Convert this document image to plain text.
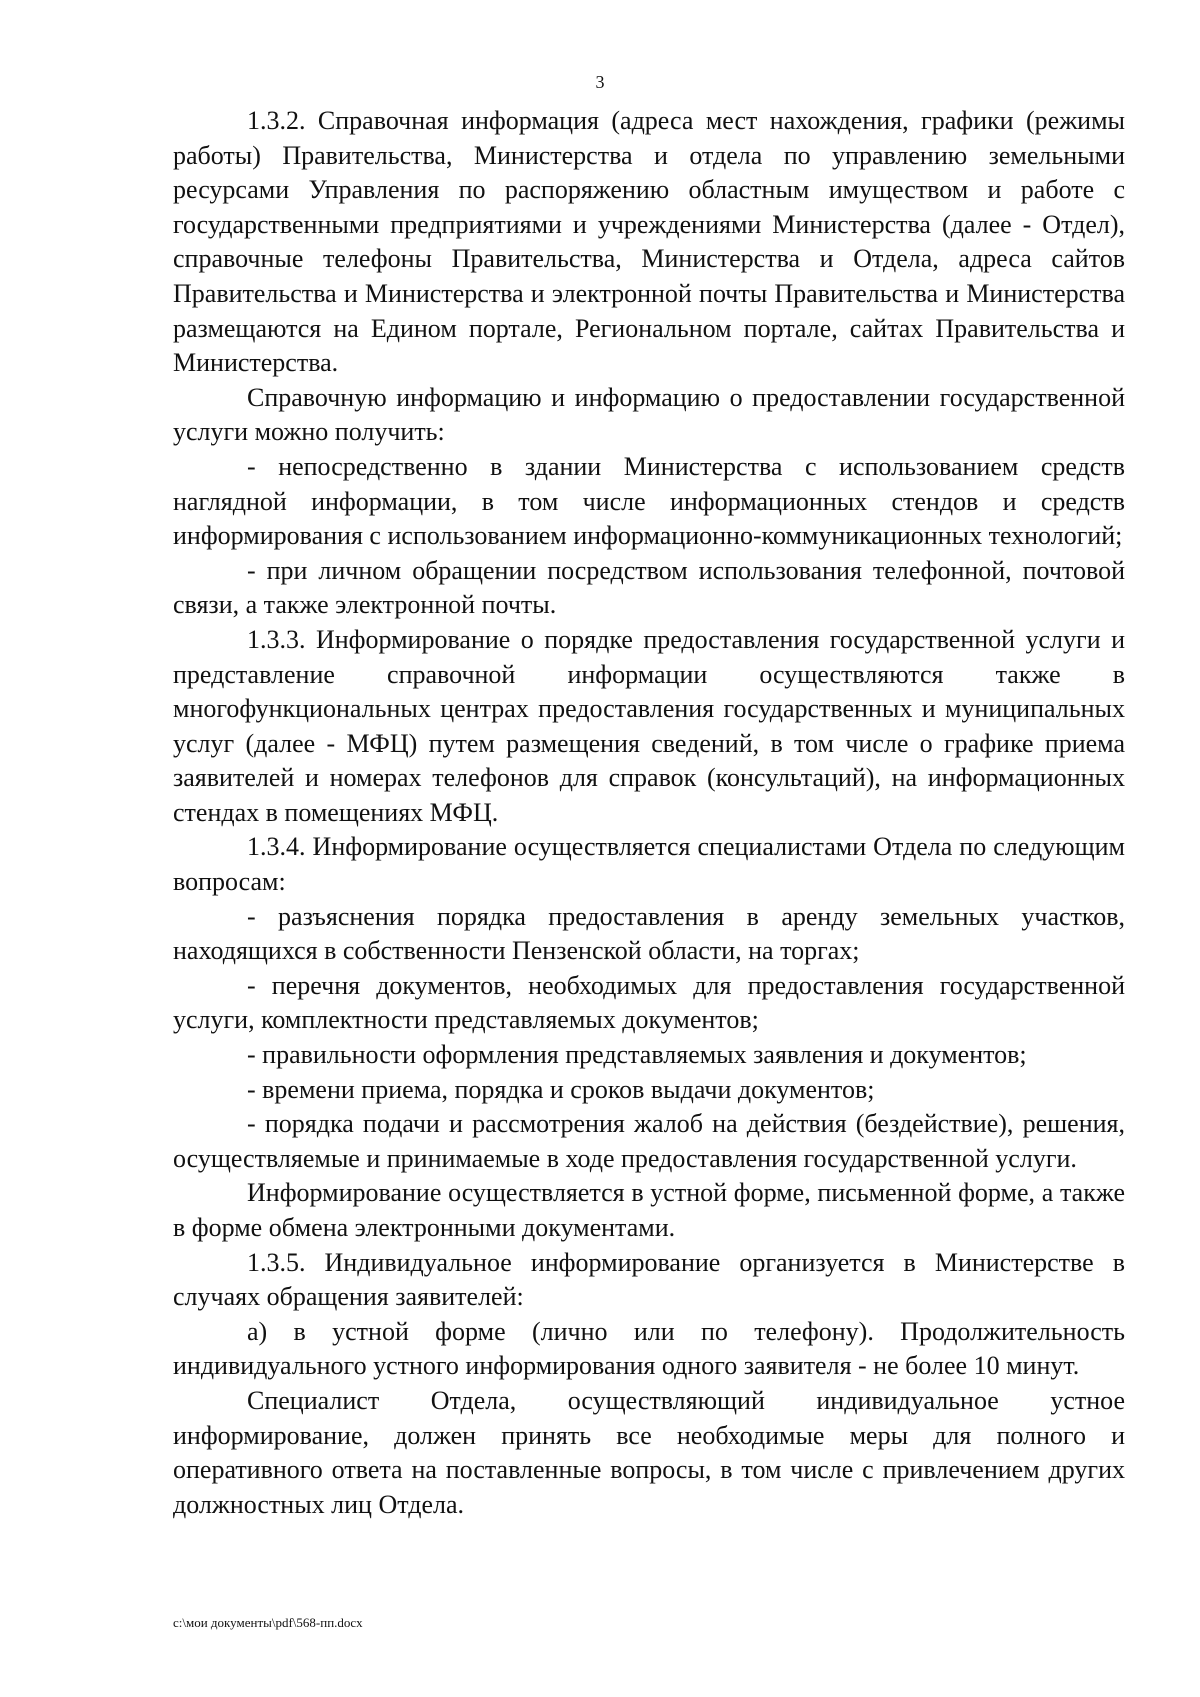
3

1.3.2. Справочная информация (адреса мест нахождения, графики (режимы работы) Правительства, Министерства и отдела по управлению земельными ресурсами Управления по распоряжению областным имуществом и работе с государственными предприятиями и учреждениями Министерства (далее - Отдел), справочные телефоны Правительства, Министерства и Отдела, адреса сайтов Правительства и Министерства и электронной почты Правительства и Министерства размещаются на Едином портале, Региональном портале, сайтах Правительства и Министерства.

Справочную информацию и информацию о предоставлении государственной услуги можно получить:

- непосредственно в здании Министерства с использованием средств наглядной информации, в том числе информационных стендов и средств информирования с использованием информационно-коммуникационных технологий;

- при личном обращении посредством использования телефонной, почтовой связи, а также электронной почты.

1.3.3. Информирование о порядке предоставления государственной услуги и представление справочной информации осуществляются также в многофункциональных центрах предоставления государственных и муниципальных услуг (далее - МФЦ) путем размещения сведений, в том числе о графике приема заявителей и номерах телефонов для справок (консультаций), на информационных стендах в помещениях МФЦ.

1.3.4. Информирование осуществляется специалистами Отдела по следующим вопросам:

- разъяснения порядка предоставления в аренду земельных участков, находящихся в собственности Пензенской области, на торгах;

- перечня документов, необходимых для предоставления государственной услуги, комплектности представляемых документов;

- правильности оформления представляемых заявления и документов;

- времени приема, порядка и сроков выдачи документов;

- порядка подачи и рассмотрения жалоб на действия (бездействие), решения, осуществляемые и принимаемые в ходе предоставления государственной услуги.

Информирование осуществляется в устной форме, письменной форме, а также в форме обмена электронными документами.

1.3.5. Индивидуальное информирование организуется в Министерстве в случаях обращения заявителей:

а) в устной форме (лично или по телефону). Продолжительность индивидуального устного информирования одного заявителя - не более 10 минут.

Специалист Отдела, осуществляющий индивидуальное устное информирование, должен принять все необходимые меры для полного и оперативного ответа на поставленные вопросы, в том числе с привлечением других должностных лиц Отдела.

c:\мои документы\pdf\568-пп.docx
